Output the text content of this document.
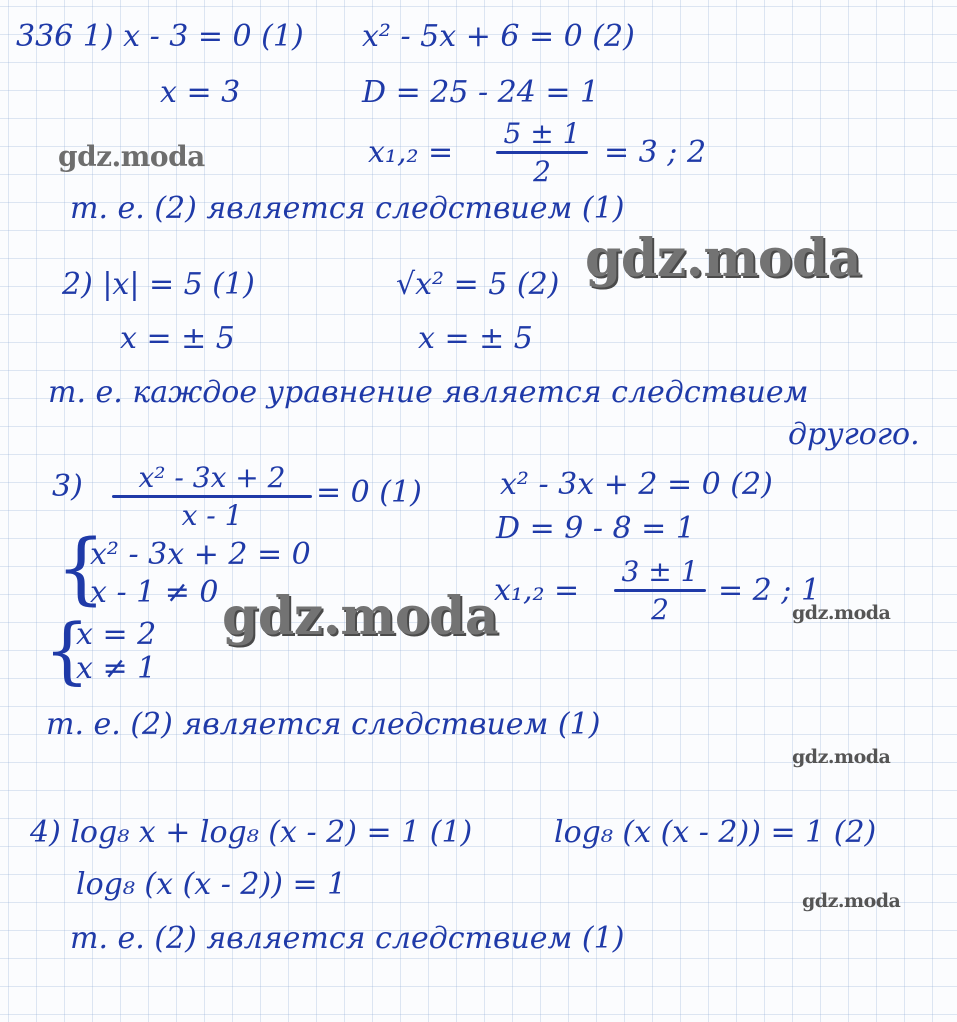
gdz.moda
gdz.moda
gdz.moda	gdz.moda
gdz.moda
gdz.moda
336 1) x - 3 = 0 (1) x² - 5x + 6 = 0 (2)
x = 3	D = 25 - 24 = 1
x₁,₂ =
5 ± 1
2
= 3 ; 2
т. е. (2) является следствием (1)
2) |x| = 5 (1)	√x² = 5 (2)
x = ± 5	x = ± 5
т. е. каждое уравнение является следствием
другого.
3)	x² - 3x + 2
x - 1
= 0 (1)	x² - 3x + 2 = 0 (2)
D = 9 - 8 = 1
x₁,₂ =
3 ± 1
2
= 2 ; 1
{
x² - 3x + 2 = 0
x - 1 ≠ 0
{
x = 2
x ≠ 1
т. е. (2) является следствием (1)
4) log₈ x + log₈ (x - 2) = 1 (1)	log₈ (x (x - 2)) = 1 (2)
log₈ (x (x - 2)) = 1
т. е. (2) является следствием (1)
